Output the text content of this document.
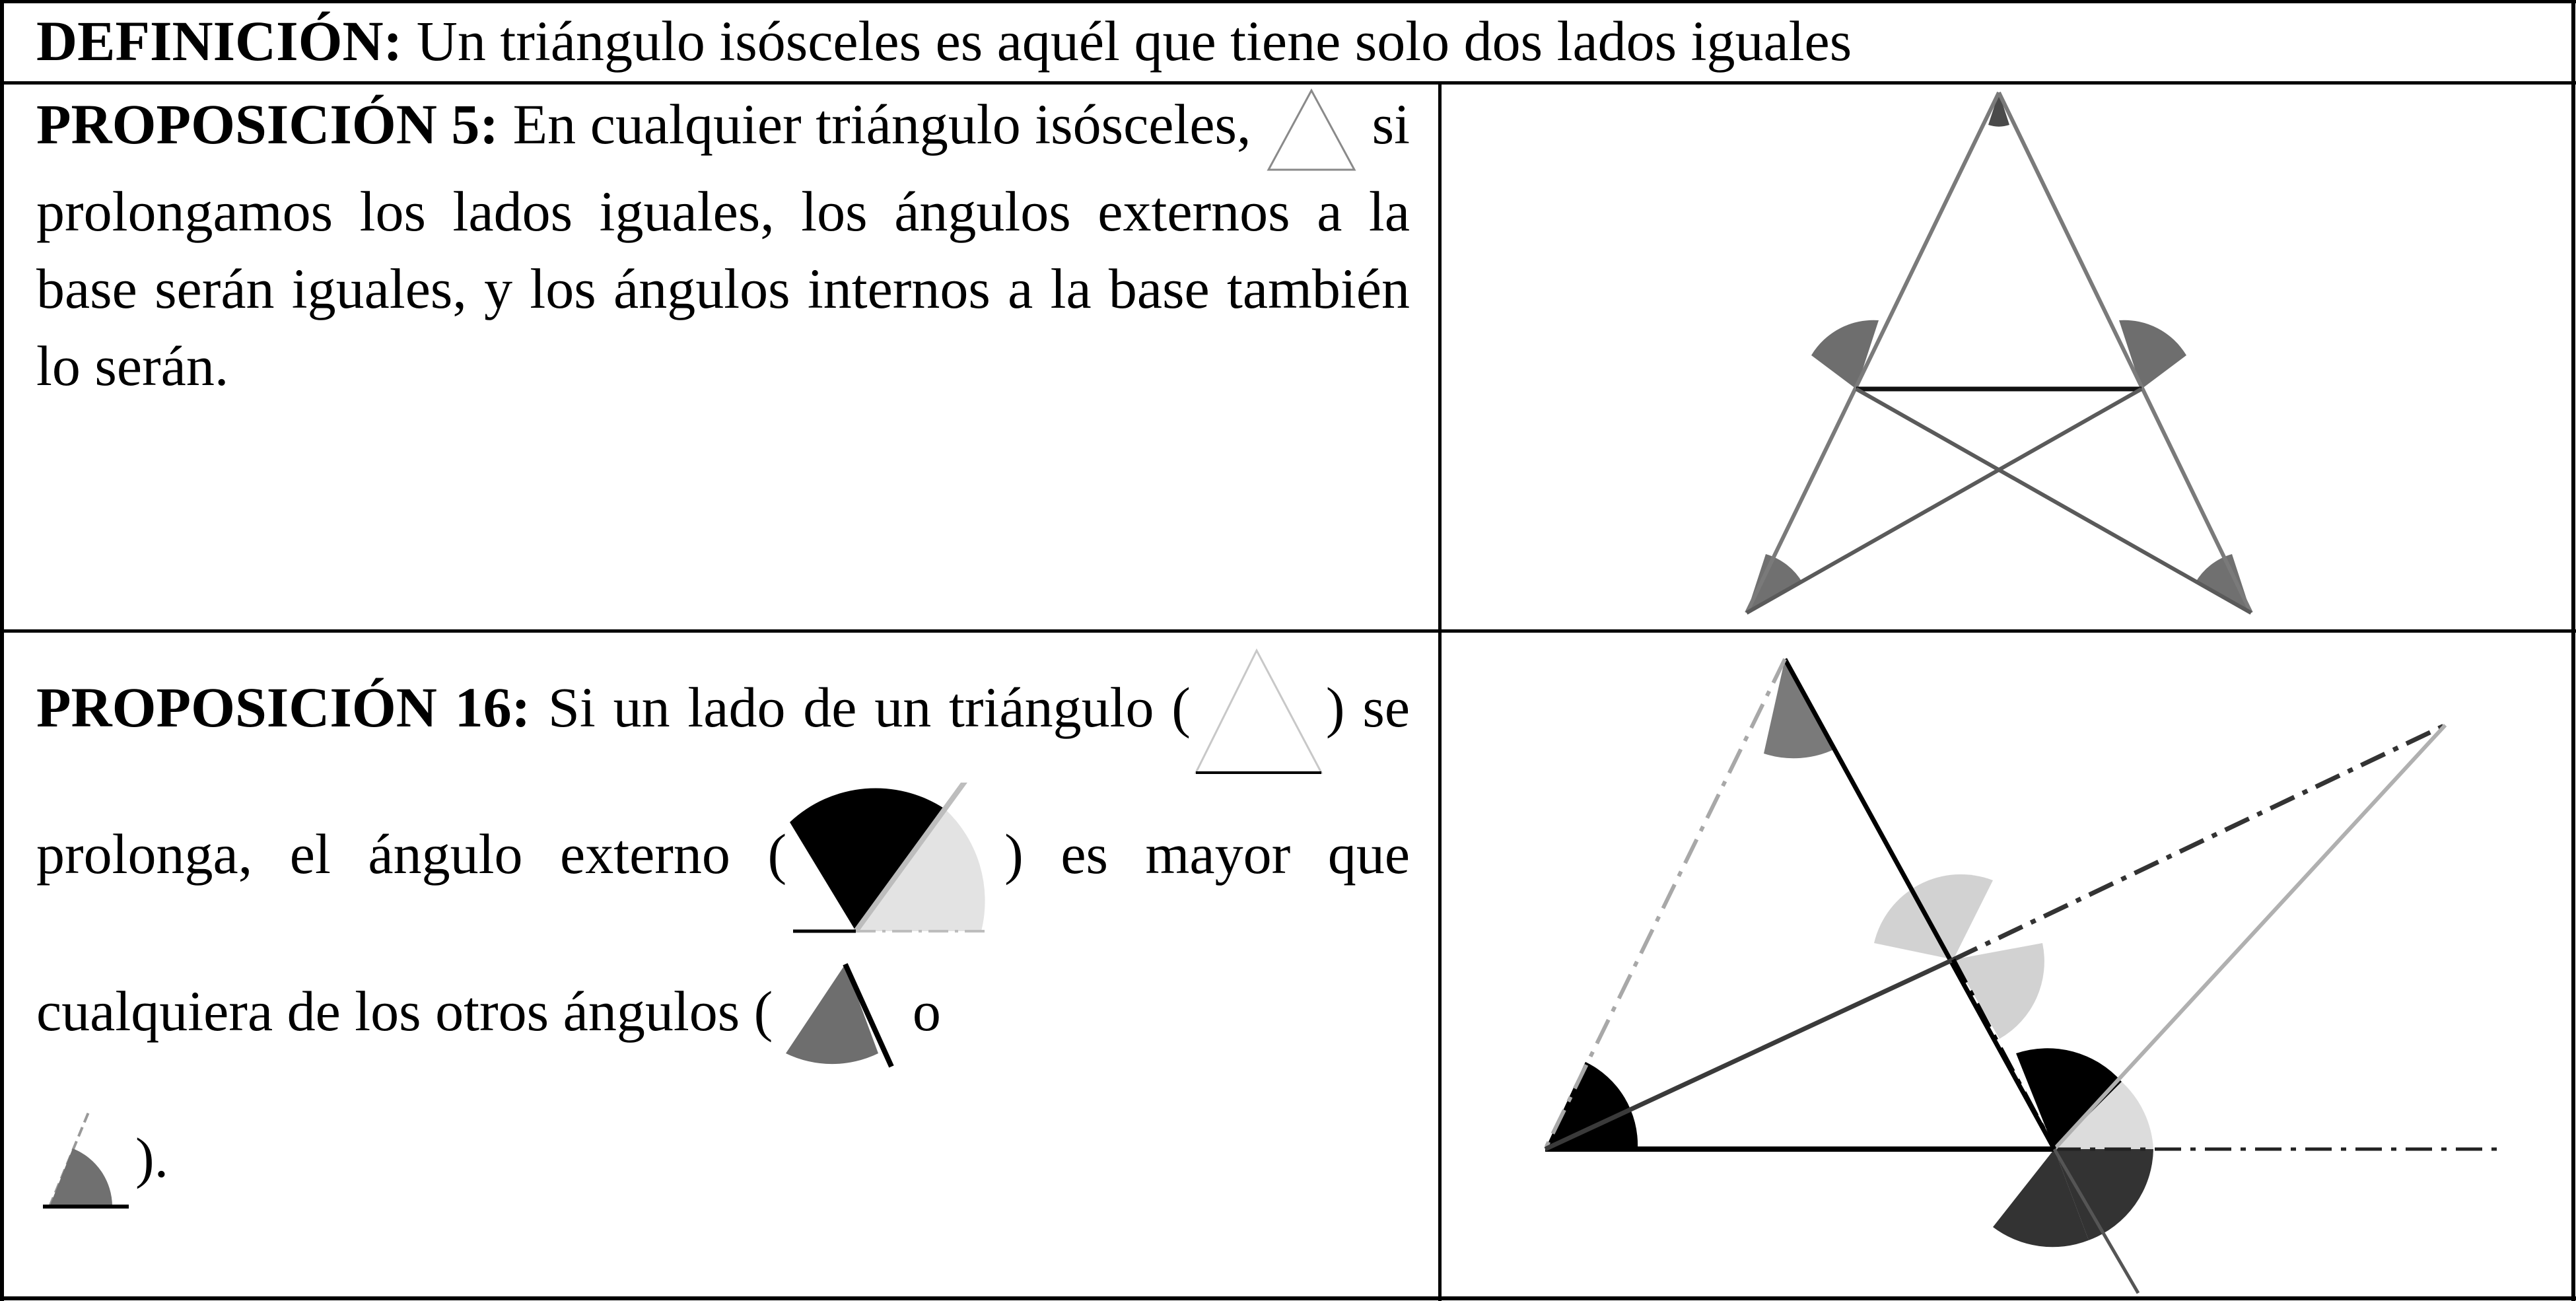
DEFINICIÓN: Un triángulo isósceles es aquél que tiene solo dos lados iguales
PROPOSICIÓN 5: En cualquier triángulo isósceles,  si prolongamos los lados iguales, los ángulos externos a la base serán iguales, y los ángulos internos a la base también lo serán.
PROPOSICIÓN 16: Si un lado de un triángulo ( ) se prolonga, el ángulo externo (	) es mayor que cualquiera de los otros ángulos ( o
).
